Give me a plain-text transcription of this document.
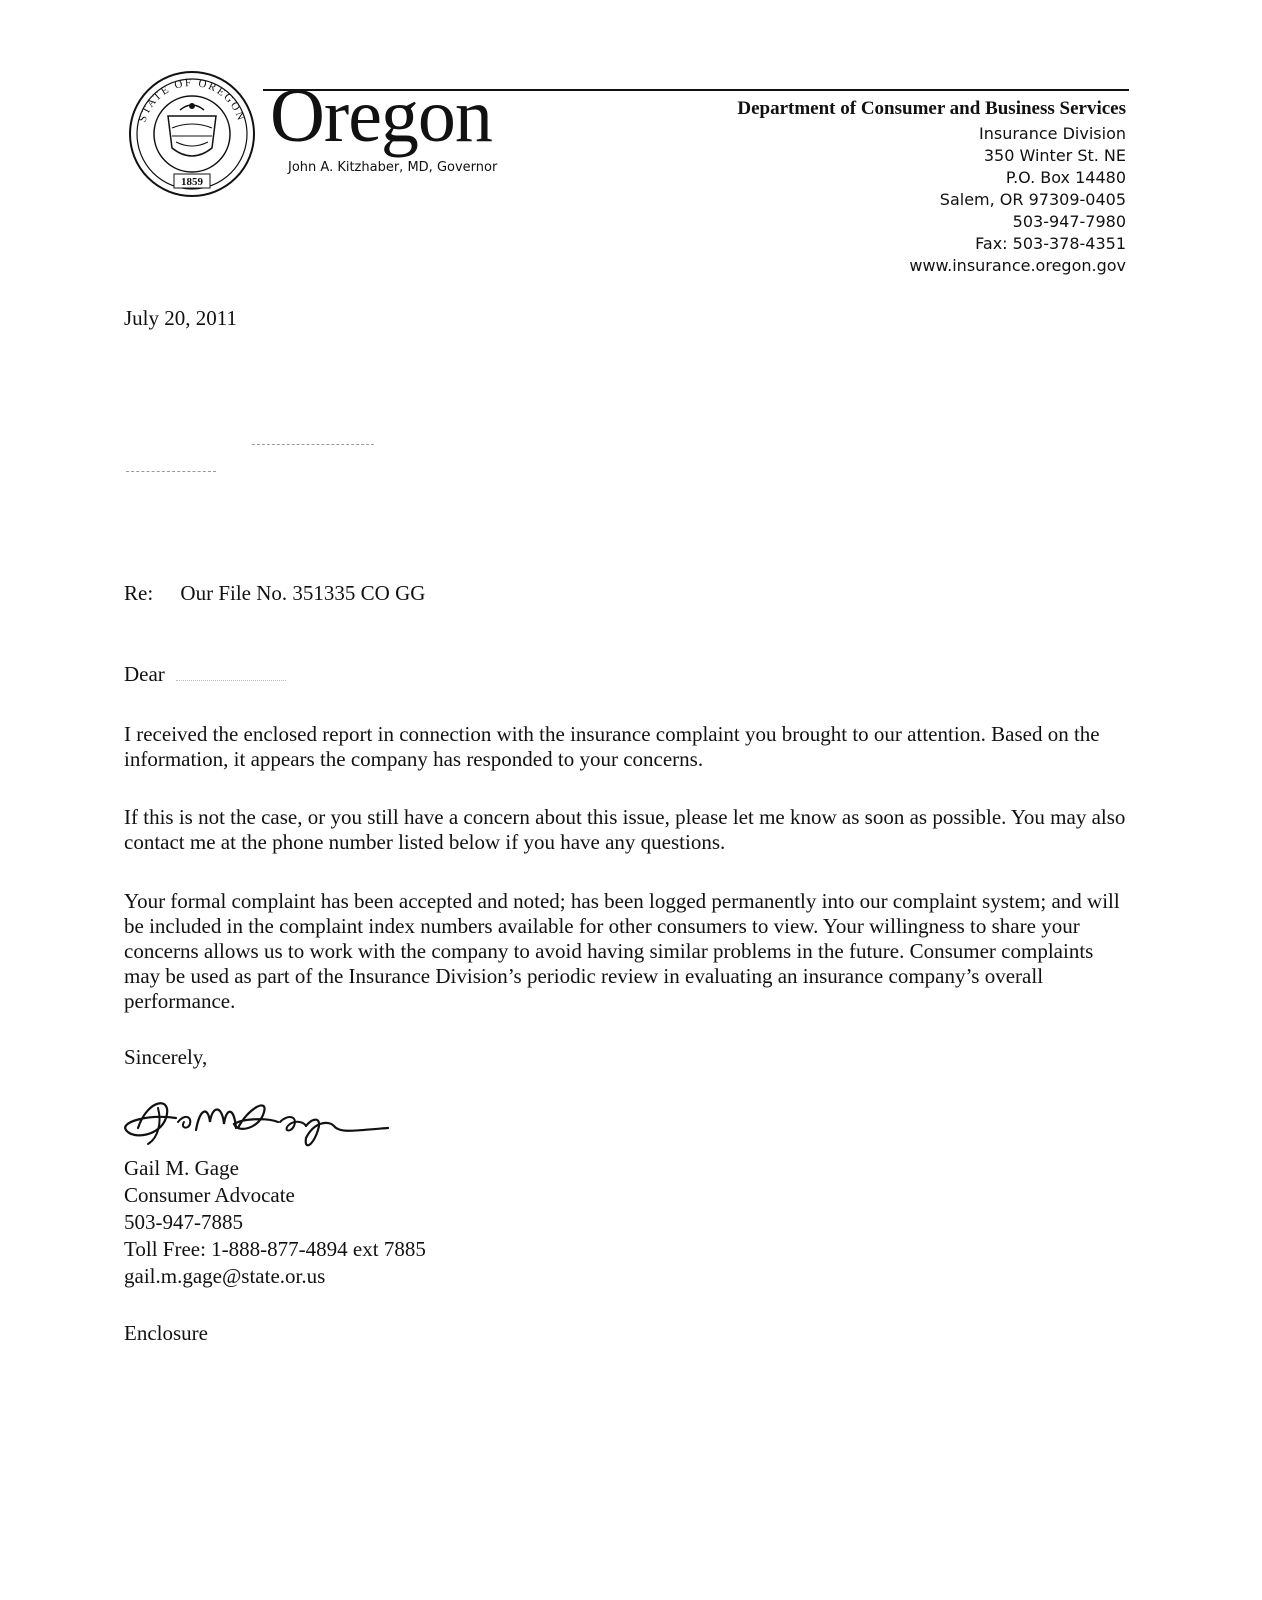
STATE OF OREGON
1859
Oregon
John A. Kitzhaber, MD, Governor
Department of Consumer and Business Services
Insurance Division
350 Winter St. NE
P.O. Box 14480
Salem, OR 97309-0405
503-947-7980
Fax: 503-378-4351
www.insurance.oregon.gov
July 20, 2011
Re: Our File No. 351335 CO GG
Dear
I received the enclosed report in connection with the insurance complaint you brought to our attention. Based on the information, it appears the company has responded to your concerns.
If this is not the case, or you still have a concern about this issue, please let me know as soon as possible. You may also contact me at the phone number listed below if you have any questions.
Your formal complaint has been accepted and noted; has been logged permanently into our complaint system; and will be included in the complaint index numbers available for other consumers to view. Your willingness to share your concerns allows us to work with the company to avoid having similar problems in the future. Consumer complaints may be used as part of the Insurance Division’s periodic review in evaluating an insurance company’s overall performance.
Sincerely,
Gail M. Gage
Consumer Advocate
503-947-7885
Toll Free: 1-888-877-4894 ext 7885
gail.m.gage@state.or.us
Enclosure
